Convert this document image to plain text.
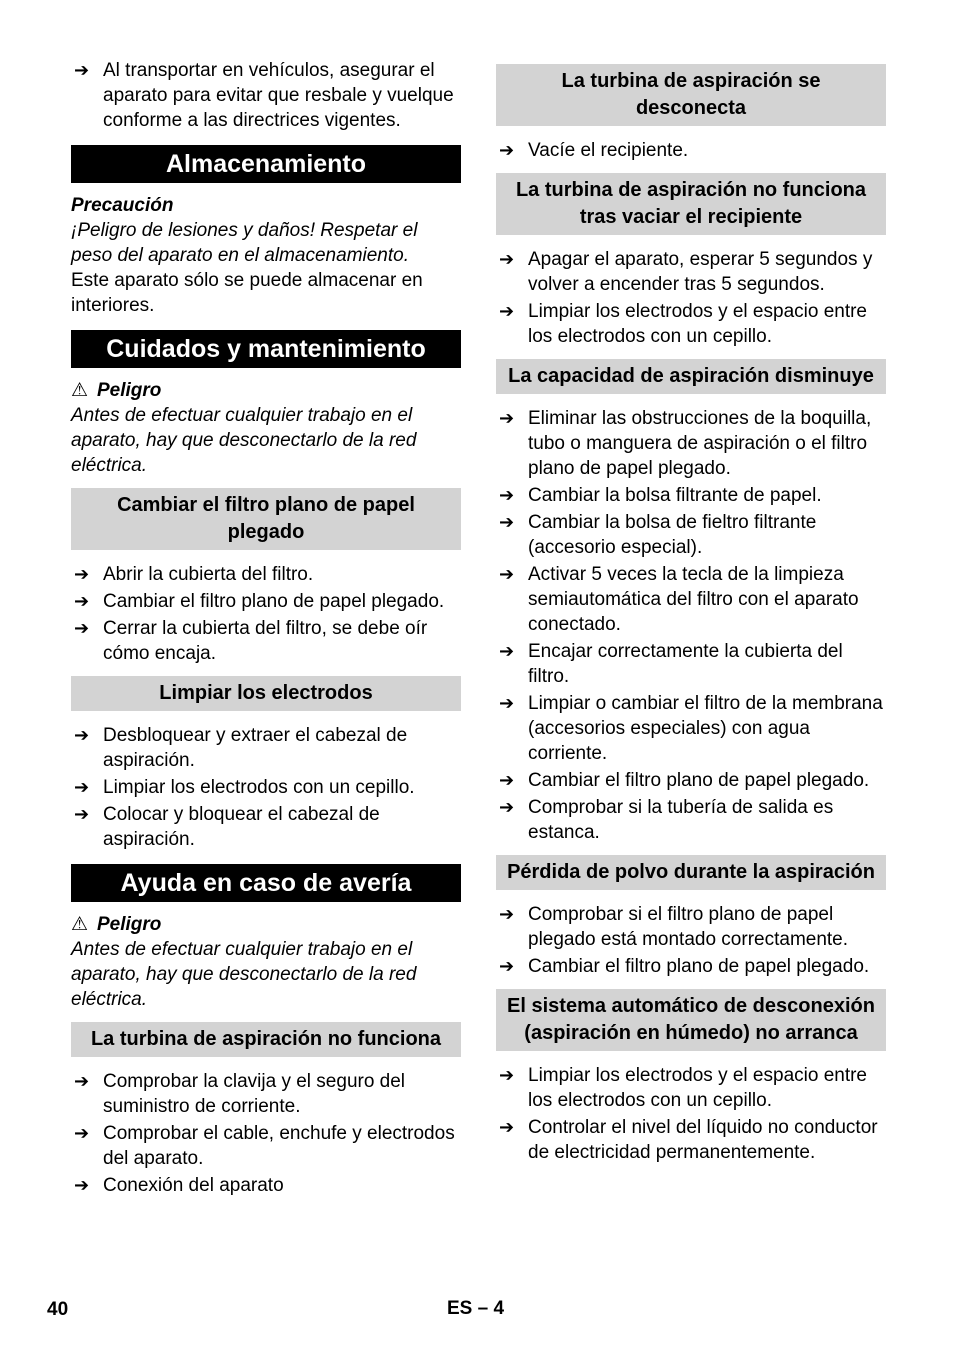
➔ Al transportar en vehículos, asegurar el aparato para evitar que resbale y vuelque conforme a las directrices vigentes.
Almacenamiento
Precaución

¡Peligro de lesiones y daños! Respetar el peso del aparato en el almacenamiento.

Este aparato sólo se puede almacenar en interiores.

Cuidados y mantenimiento
⚠ Peligro

Antes de efectuar cualquier trabajo en el aparato, hay que desconectarlo de la red eléctrica.

Cambiar el filtro plano de papel plegado
➔ Abrir la cubierta del filtro.
➔ Cambiar el filtro plano de papel plegado.
➔ Cerrar la cubierta del filtro, se debe oír cómo encaja.
Limpiar los electrodos
➔ Desbloquear y extraer el cabezal de aspiración.
➔ Limpiar los electrodos con un cepillo.
➔ Colocar y bloquear el cabezal de aspiración.
Ayuda en caso de avería
⚠ Peligro

Antes de efectuar cualquier trabajo en el aparato, hay que desconectarlo de la red eléctrica.

La turbina de aspiración no funciona
➔ Comprobar la clavija y el seguro del suministro de corriente.
➔ Comprobar el cable, enchufe y electrodos del aparato.
➔ Conexión del aparato
La turbina de aspiración se desconecta
➔ Vacíe el recipiente.
La turbina de aspiración no funciona tras vaciar el recipiente
➔ Apagar el aparato, esperar 5 segundos y volver a encender tras 5 segundos.
➔ Limpiar los electrodos y el espacio entre los electrodos con un cepillo.
La capacidad de aspiración disminuye
➔ Eliminar las obstrucciones de la boquilla, tubo o manguera de aspiración o el filtro plano de papel plegado.
➔ Cambiar la bolsa filtrante de papel.
➔ Cambiar la bolsa de fieltro filtrante (accesorio especial).
➔ Activar 5 veces la tecla de la limpieza semiautomática del filtro con el aparato conectado.
➔ Encajar correctamente la cubierta del filtro.
➔ Limpiar o cambiar el filtro de la membrana (accesorios especiales) con agua corriente.
➔ Cambiar el filtro plano de papel plegado.
➔ Comprobar si la tubería de salida es estanca.
Pérdida de polvo durante la aspiración
➔ Comprobar si el filtro plano de papel plegado está montado correctamente.
➔ Cambiar el filtro plano de papel plegado.
El sistema automático de desconexión (aspiración en húmedo) no arranca
➔ Limpiar los electrodos y el espacio entre los electrodos con un cepillo.
➔ Controlar el nivel del líquido no conductor de electricidad permanentemente.
40	ES – 4
